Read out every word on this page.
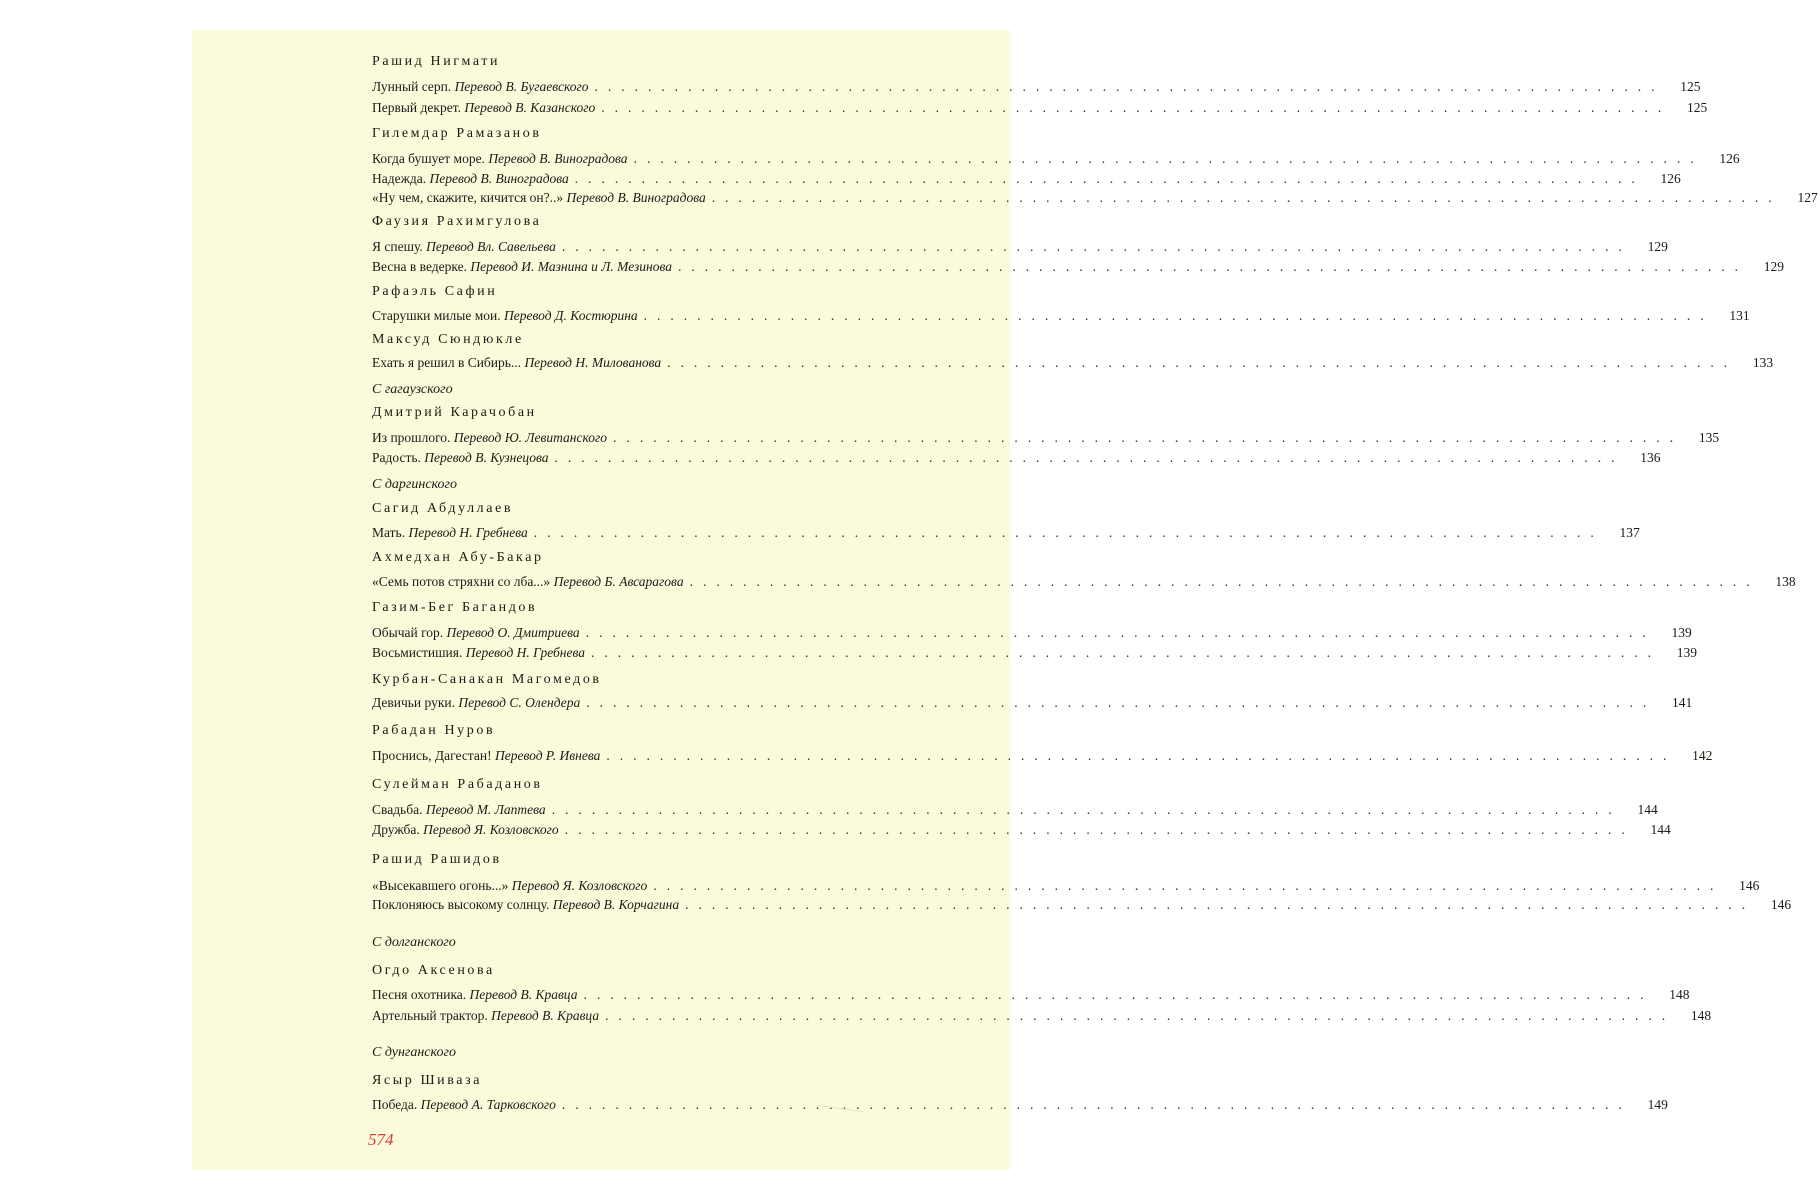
Рашид Нигмати
Лунный серп. Перевод В. Бугаевского ................................................................................	125
Первый декрет. Перевод В. Казанского ................................................................................	125
Гилемдар Рамазанов
Когда бушует море. Перевод В. Виноградова ................................................................................	126
Надежда. Перевод В. Виноградова ................................................................................	126
«Ну чем, скажите, кичится он?..» Перевод В. Виноградова ................................................................................	127
Фаузия Рахимгулова
Я спешу. Перевод Вл. Савельева ................................................................................	129
Весна в ведерке. Перевод И. Мазнина и Л. Мезинова ................................................................................	129
Рафаэль Сафин
Старушки милые мои. Перевод Д. Костюрина ................................................................................	131
Максуд Сюндюкле
Ехать я решил в Сибирь... Перевод Н. Милованова ................................................................................	133
С гагаузского
Дмитрий Карачобан
Из прошлого. Перевод Ю. Левитанского ................................................................................	135
Радость. Перевод В. Кузнецова ................................................................................	136
С даргинского
Сагид Абдуллаев
Мать. Перевод Н. Гребнева ................................................................................	137
Ахмедхан Абу-Бакар
«Семь потов стряхни со лба...» Перевод Б. Авсарагова ................................................................................	138
Газим-Бег Багандов
Обычай гор. Перевод О. Дмитриева ................................................................................	139
Восьмистишия. Перевод Н. Гребнева ................................................................................	139
Курбан-Санакан Магомедов
Девичьи руки. Перевод С. Олендера ................................................................................	141
Рабадан Нуров
Проснись, Дагестан! Перевод Р. Ивнева ................................................................................	142
Сулейман Рабаданов
Свадьба. Перевод М. Лаптева ................................................................................	144
Дружба. Перевод Я. Козловского ................................................................................	144
Рашид Рашидов
«Высекавшего огонь...» Перевод Я. Козловского ................................................................................	146
Поклоняюсь высокому солнцу. Перевод В. Корчагина ................................................................................	146
С долганского
Огдо Аксенова
Песня охотника. Перевод В. Кравца ................................................................................	148
Артельный трактор. Перевод В. Кравца ................................................................................	148
С дунганского
Ясыр Шиваза
Победа. Перевод А. Тарковского ................................................................................	149
574
